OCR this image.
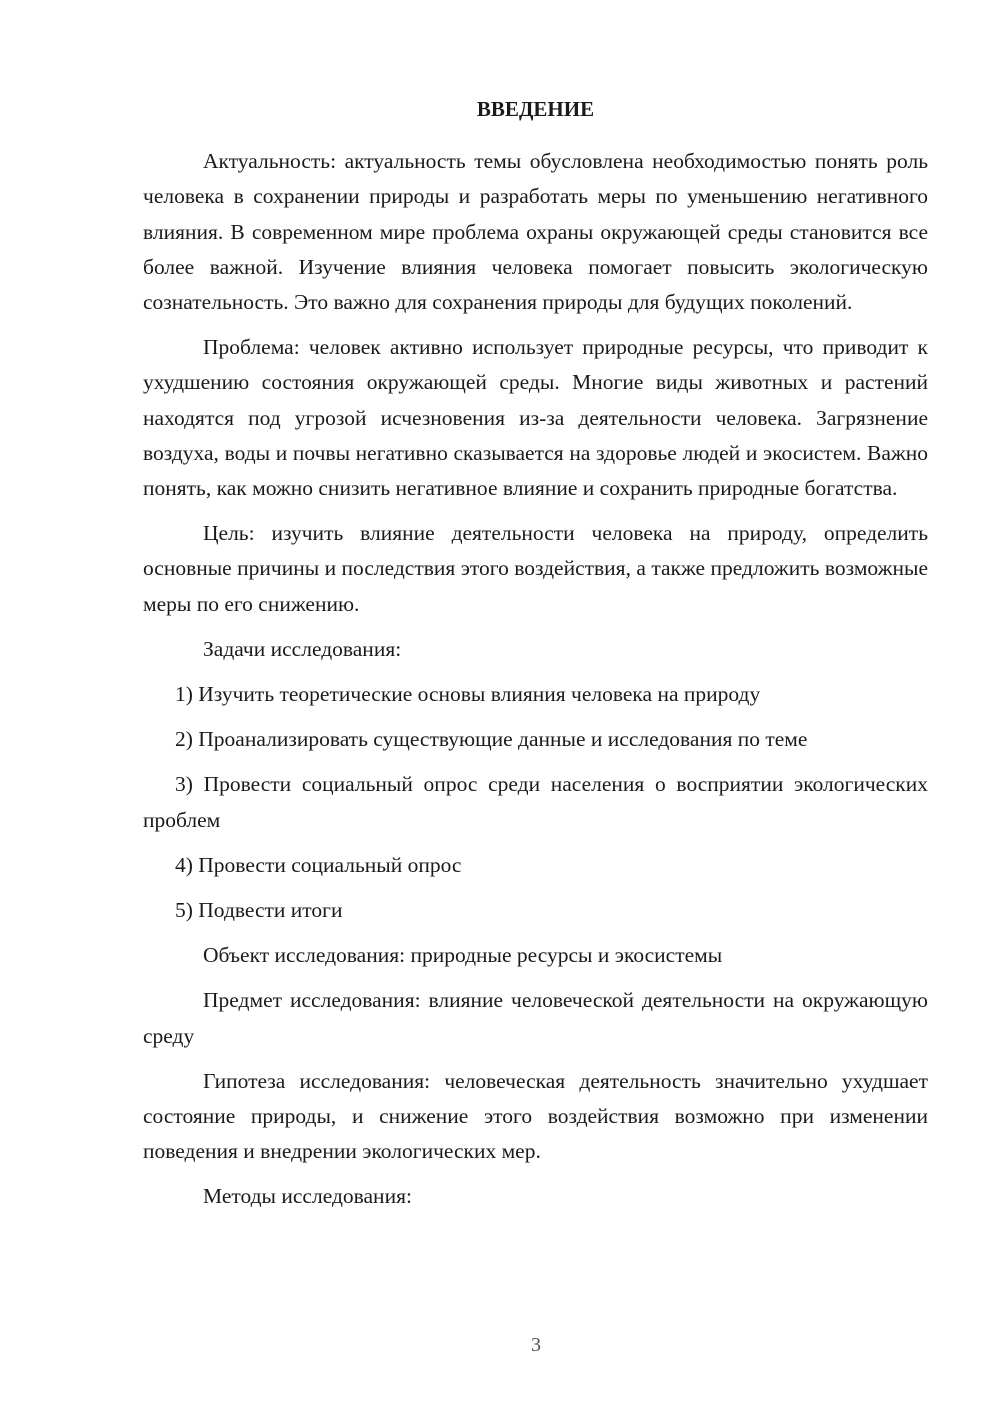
ВВЕДЕНИЕ

Актуальность: актуальность темы обусловлена необходимостью понять роль человека в сохранении природы и разработать меры по уменьшению негативного влияния. В современном мире проблема охраны окружающей среды становится все более важной. Изучение влияния человека помогает повысить экологическую сознательность. Это важно для сохранения природы для будущих поколений.

Проблема: человек активно использует природные ресурсы, что приводит к ухудшению состояния окружающей среды. Многие виды животных и растений находятся под угрозой исчезновения из-за деятельности человека. Загрязнение воздуха, воды и почвы негативно сказывается на здоровье людей и экосистем. Важно понять, как можно снизить негативное влияние и сохранить природные богатства.

Цель: изучить влияние деятельности человека на природу, определить основные причины и последствия этого воздействия, а также предложить возможные меры по его снижению.

Задачи исследования:

1) Изучить теоретические основы влияния человека на природу

2) Проанализировать существующие данные и исследования по теме

3) Провести социальный опрос среди населения о восприятии экологических проблем

4) Провести социальный опрос

5) Подвести итоги

Объект исследования: природные ресурсы и экосистемы

Предмет исследования: влияние человеческой деятельности на окружающую среду

Гипотеза исследования: человеческая деятельность значительно ухудшает состояние природы, и снижение этого воздействия возможно при изменении поведения и внедрении экологических мер.

Методы исследования:

3
